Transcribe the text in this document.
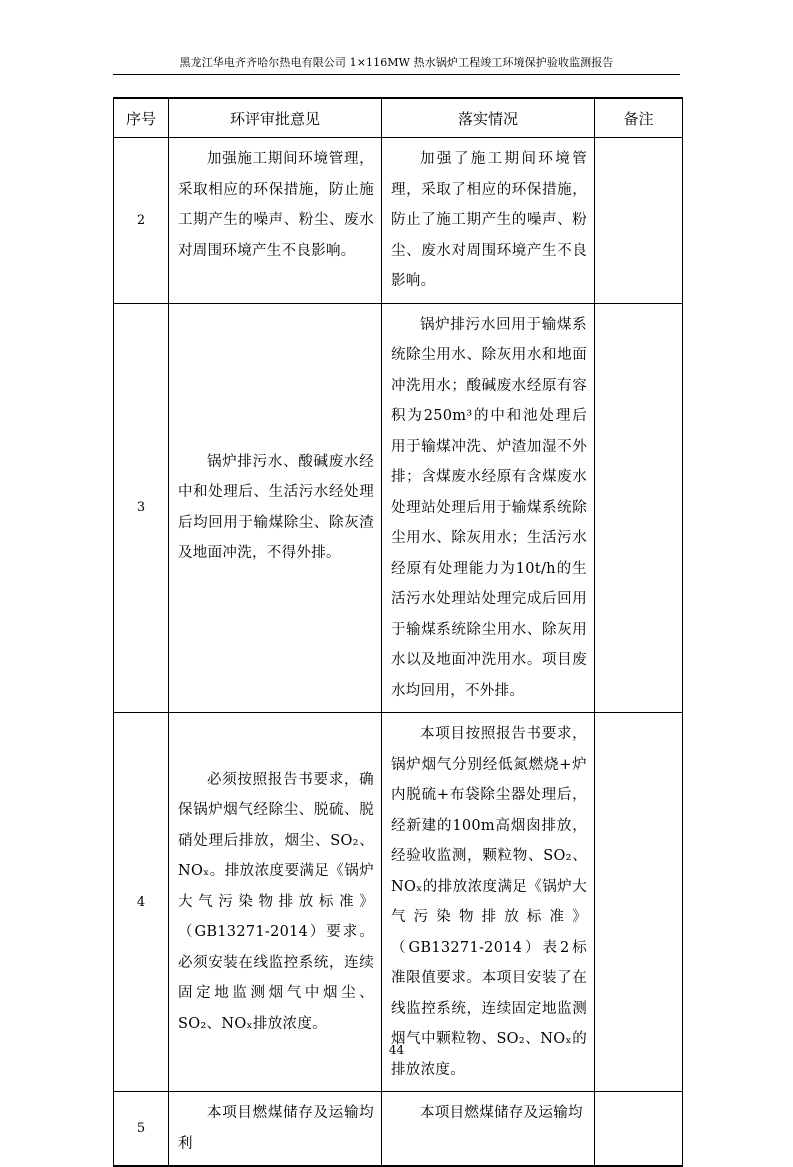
黑龙江华电齐齐哈尔热电有限公司 1×116MW 热水锅炉工程竣工环境保护验收监测报告
序号	环评审批意见	落实情况	备注
2	加强施工期间环境管理，采取相应的环保措施，防止施工期产生的噪声、粉尘、废水对周围环境产生不良影响。	加强了施工期间环境管理，采取了相应的环保措施，防止了施工期产生的噪声、粉尘、废水对周围环境产生不良影响。	

3	锅炉排污水、酸碱废水经中和处理后、生活污水经处理后均回用于输煤除尘、除灰渣及地面冲洗，不得外排。	锅炉排污水回用于输煤系统除尘用水、除灰用水和地面冲洗用水；酸碱废水经原有容积为250m³的中和池处理后用于输煤冲洗、炉渣加湿不外排；含煤废水经原有含煤废水处理站处理后用于输煤系统除尘用水、除灰用水；生活污水经原有处理能力为10t/h的生活污水处理站处理完成后回用于输煤系统除尘用水、除灰用水以及地面冲洗用水。项目废水均回用，不外排。	

4	必须按照报告书要求，确保锅炉烟气经除尘、脱硫、脱硝处理后排放，烟尘、SO₂、NOₓ。排放浓度要满足《锅炉大气污染物排放标准》（GB13271-2014）要求。必须安装在线监控系统，连续固定地监测烟气中烟尘、SO₂、NOₓ排放浓度。	本项目按照报告书要求，锅炉烟气分别经低氮燃烧+炉内脱硫+布袋除尘器处理后，经新建的100m高烟囱排放，经验收监测，颗粒物、SO₂、NOₓ的排放浓度满足《锅炉大气污染物排放标准》（GB13271-2014）表2标准限值要求。本项目安装了在线监控系统，连续固定地监测烟气中颗粒物、SO₂、NOₓ的排放浓度。	

5	本项目燃煤储存及运输均利	本项目燃煤储存及运输均	

44
